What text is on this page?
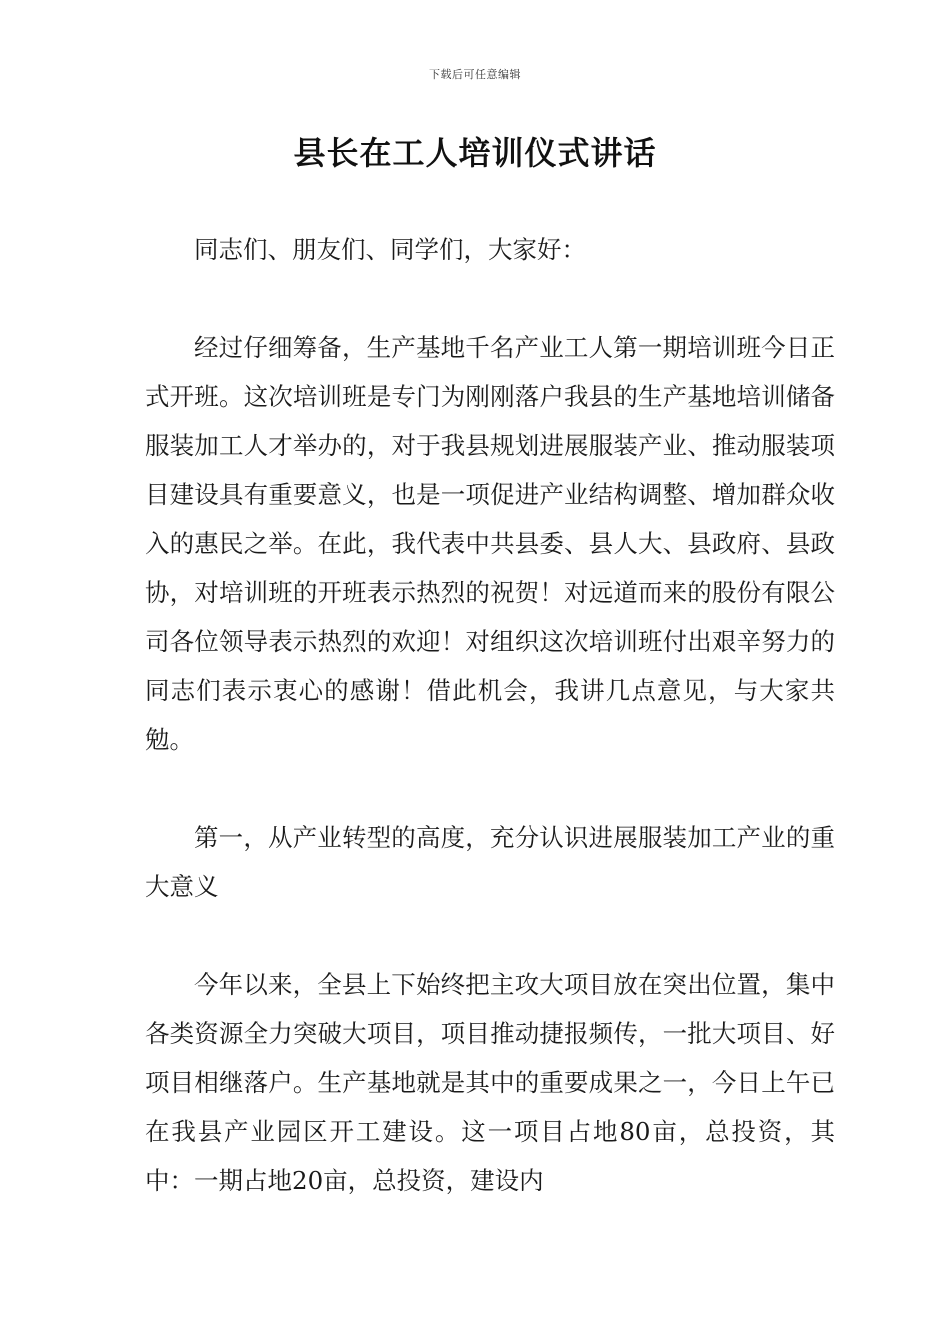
下载后可任意编辑
县长在工人培训仪式讲话

同志们、朋友们、同学们，大家好：

经过仔细筹备，生产基地千名产业工人第一期培训班今日正式开班。这次培训班是专门为刚刚落户我县的生产基地培训储备服装加工人才举办的，对于我县规划进展服装产业、推动服装项目建设具有重要意义，也是一项促进产业结构调整、增加群众收入的惠民之举。在此，我代表中共县委、县人大、县政府、县政协，对培训班的开班表示热烈的祝贺！对远道而来的股份有限公司各位领导表示热烈的欢迎！对组织这次培训班付出艰辛努力的同志们表示衷心的感谢！借此机会，我讲几点意见，与大家共勉。

第一，从产业转型的高度，充分认识进展服装加工产业的重大意义

今年以来，全县上下始终把主攻大项目放在突出位置，集中各类资源全力突破大项目，项目推动捷报频传，一批大项目、好项目相继落户。生产基地就是其中的重要成果之一，今日上午已在我县产业园区开工建设。这一项目占地80亩，总投资，其中：一期占地20亩，总投资，建设内
